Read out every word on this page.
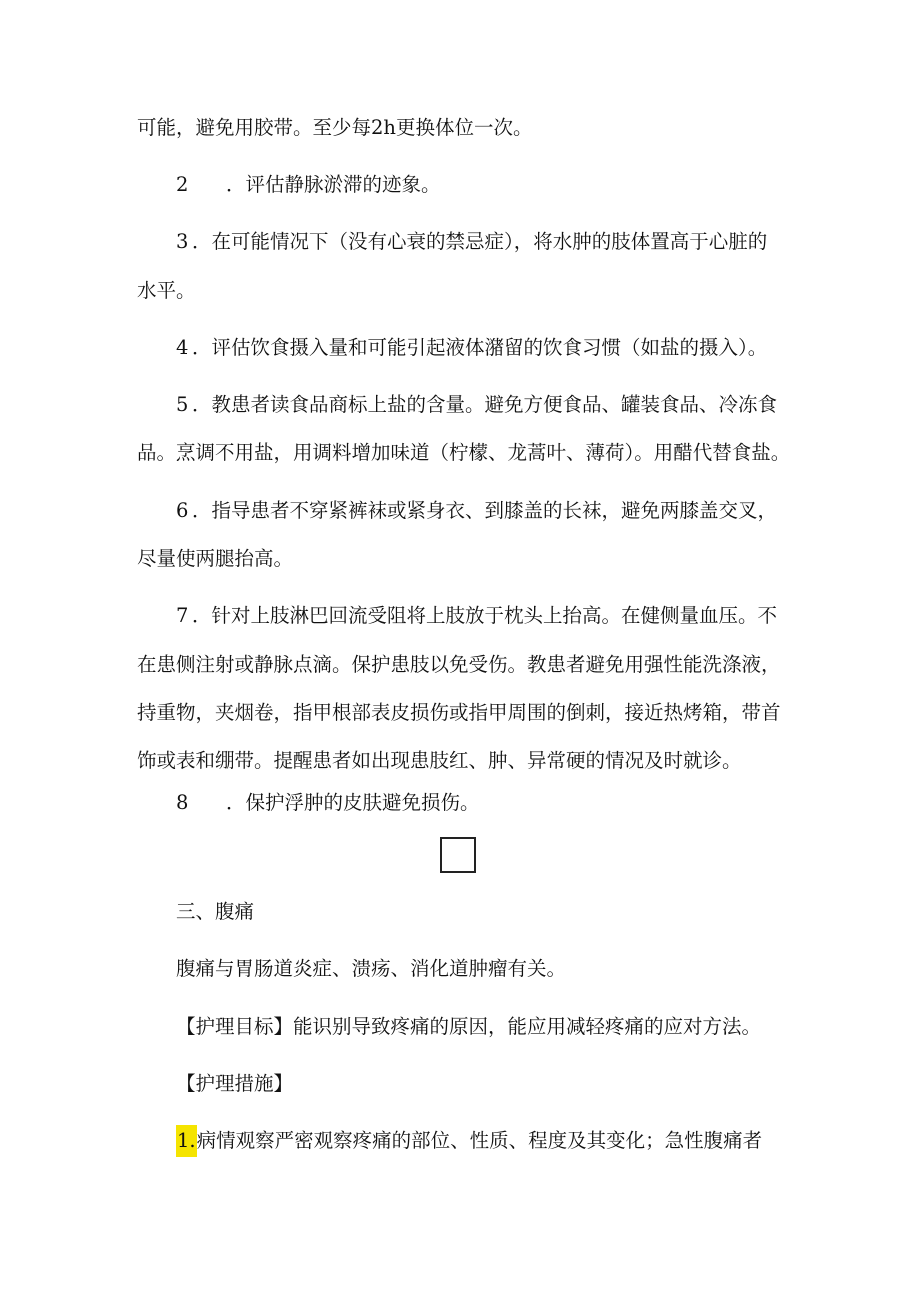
可能，避免用胶带。至少每2h更换体位一次。
2 ．评估静脉淤滞的迹象。
3 ．在可能情况下（没有心衰的禁忌症），将水肿的肢体置高于心脏的
水平。
4 ．评估饮食摄入量和可能引起液体潴留的饮食习惯（如盐的摄入）。
5 ．教患者读食品商标上盐的含量。避免方便食品、罐装食品、冷冻食
品。烹调不用盐，用调料增加味道（柠檬、龙蒿叶、薄荷）。用醋代替食盐。
6 ．指导患者不穿紧裤袜或紧身衣、到膝盖的长袜，避免两膝盖交叉，
尽量使两腿抬高。
7 ．针对上肢淋巴回流受阻将上肢放于枕头上抬高。在健侧量血压。不
在患侧注射或静脉点滴。保护患肢以免受伤。教患者避免用强性能洗涤液，
持重物，夹烟卷，指甲根部表皮损伤或指甲周围的倒刺，接近热烤箱，带首
饰或表和绷带。提醒患者如出现患肢红、肿、异常硬的情况及时就诊。
8 ．保护浮肿的皮肤避免损伤。
三、腹痛
腹痛与胃肠道炎症、溃疡、消化道肿瘤有关。
【护理目标】能识别导致疼痛的原因，能应用减轻疼痛的应对方法。
【护理措施】
1.病情观察严密观察疼痛的部位、性质、程度及其变化；急性腹痛者
